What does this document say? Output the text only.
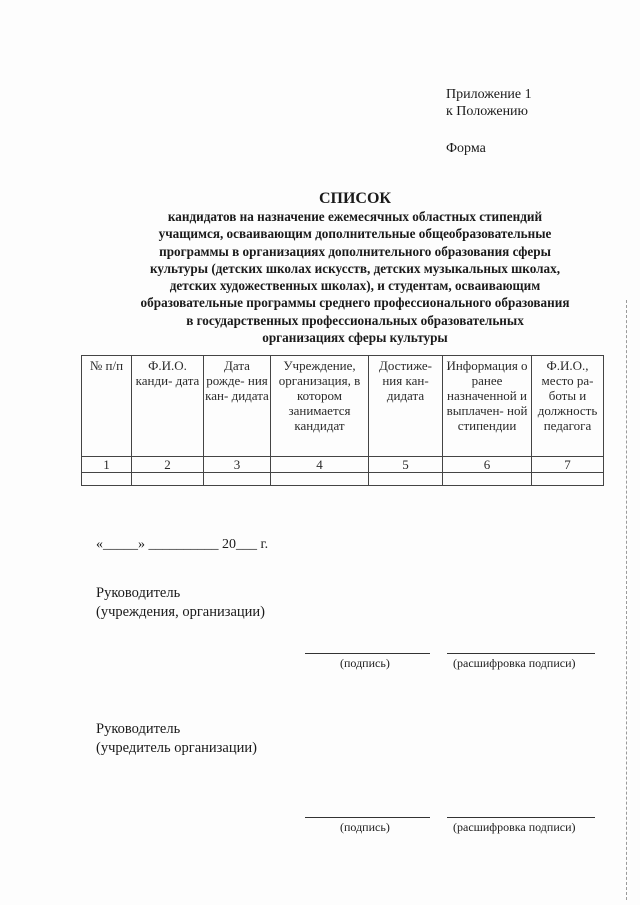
Приложение 1
к Положению
Форма
СПИСОК
кандидатов на назначение ежемесячных областных стипендий
учащимся, осваивающим дополнительные общеобразовательные
программы в организациях дополнительного образования сферы
культуры (детских школах искусств, детских музыкальных школах,
детских художественных школах), и студентам, осваивающим
образовательные программы среднего профессионального образования
в государственных профессиональных образовательных
организациях сферы культуры
№ п/п	Ф.И.О. канди- дата	Дата рожде- ния кан- дидата	Учреждение, организация, в котором занимается кандидат	Достиже- ния кан- дидата	Информация о ранее назначенной и выплачен- ной стипендии	Ф.И.О., место ра- боты и должность педагога
1	2	3	4	5	6	7

«_____» __________ 20___ г.
Руководитель
(учреждения, организации)
(подпись)	(расшифровка подписи)
Руководитель
(учредитель организации)
(подпись)	(расшифровка подписи)
